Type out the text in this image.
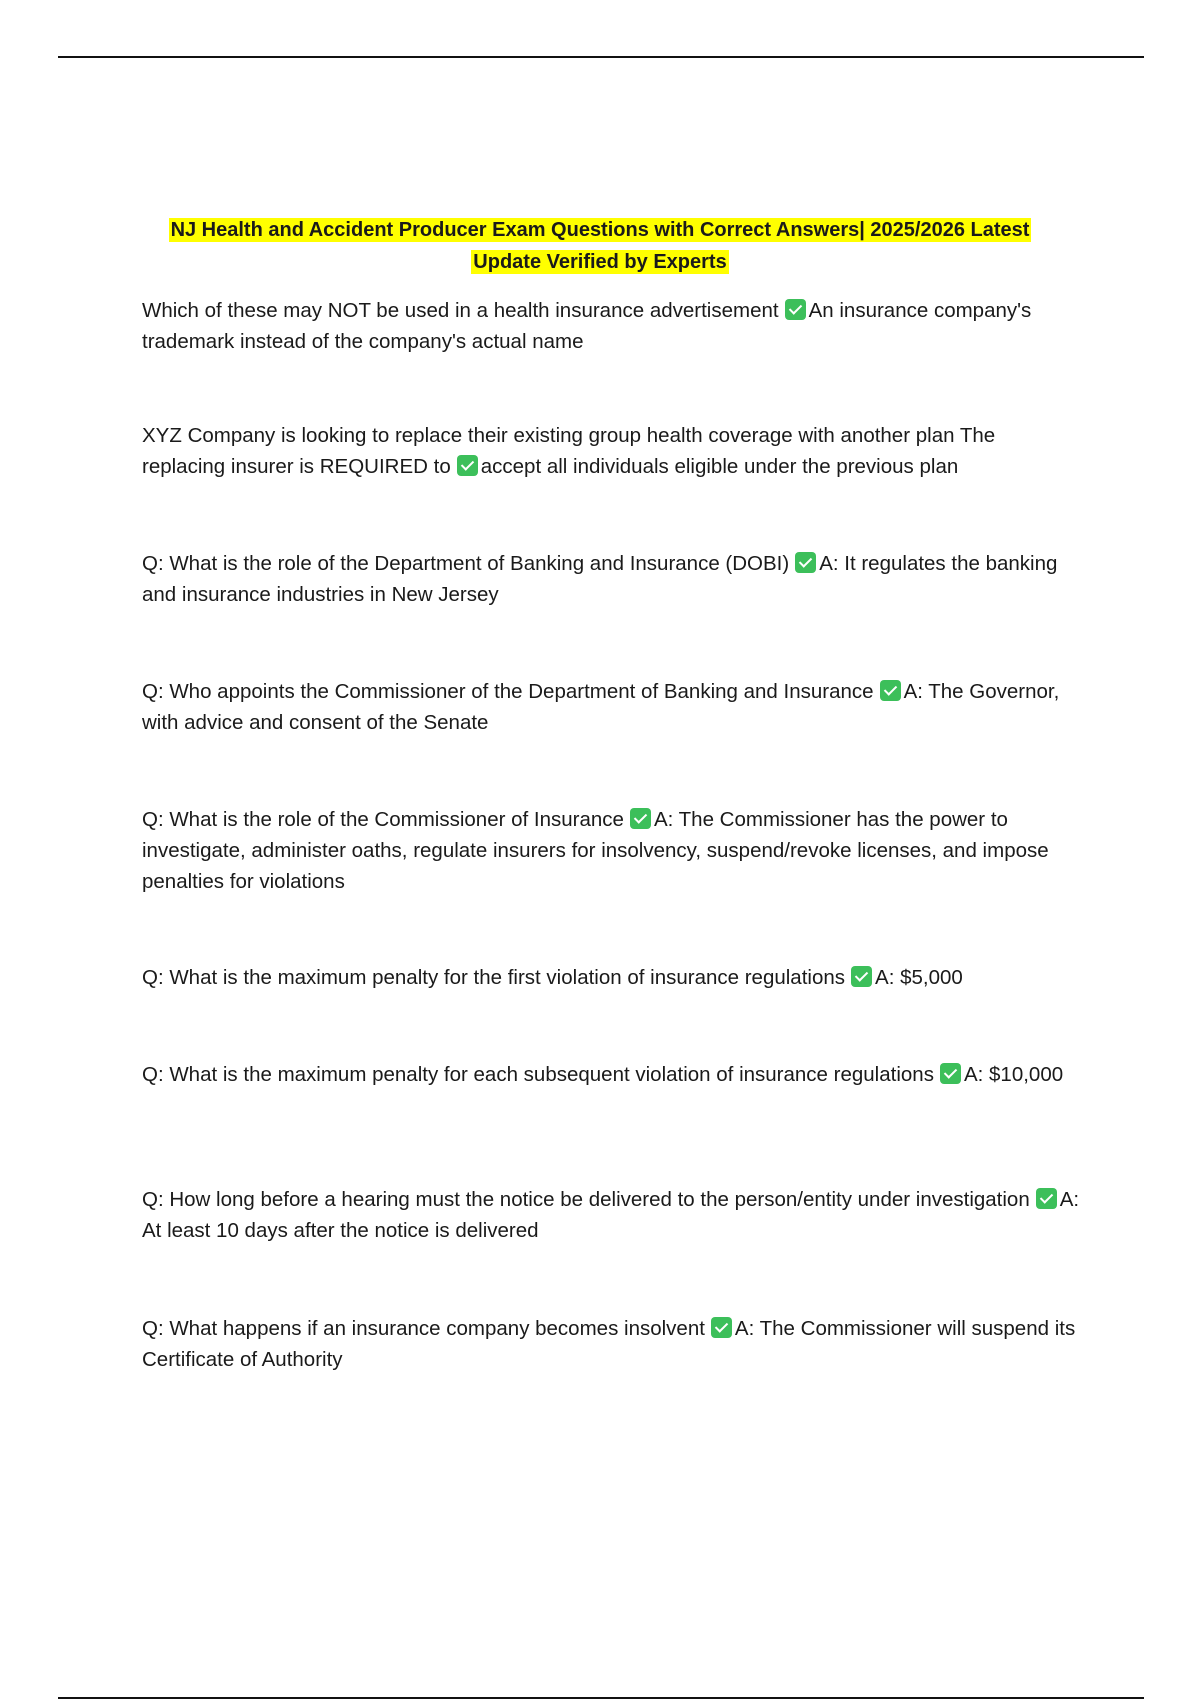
NJ Health and Accident Producer Exam Questions with Correct Answers| 2025/2026 Latest Update Verified by Experts
Which of these may NOT be used in a health insurance advertisement An insurance company's trademark instead of the company's actual name
XYZ Company is looking to replace their existing group health coverage with another plan The replacing insurer is REQUIRED to accept all individuals eligible under the previous plan
Q: What is the role of the Department of Banking and Insurance (DOBI) A: It regulates the banking and insurance industries in New Jersey
Q: Who appoints the Commissioner of the Department of Banking and Insurance A: The Governor, with advice and consent of the Senate
Q: What is the role of the Commissioner of Insurance A: The Commissioner has the power to investigate, administer oaths, regulate insurers for insolvency, suspend/revoke licenses, and impose penalties for violations
Q: What is the maximum penalty for the first violation of insurance regulations A: $5,000
Q: What is the maximum penalty for each subsequent violation of insurance regulations A: $10,000
Q: How long before a hearing must the notice be delivered to the person/entity under investigation A: At least 10 days after the notice is delivered
Q: What happens if an insurance company becomes insolvent A: The Commissioner will suspend its Certificate of Authority
